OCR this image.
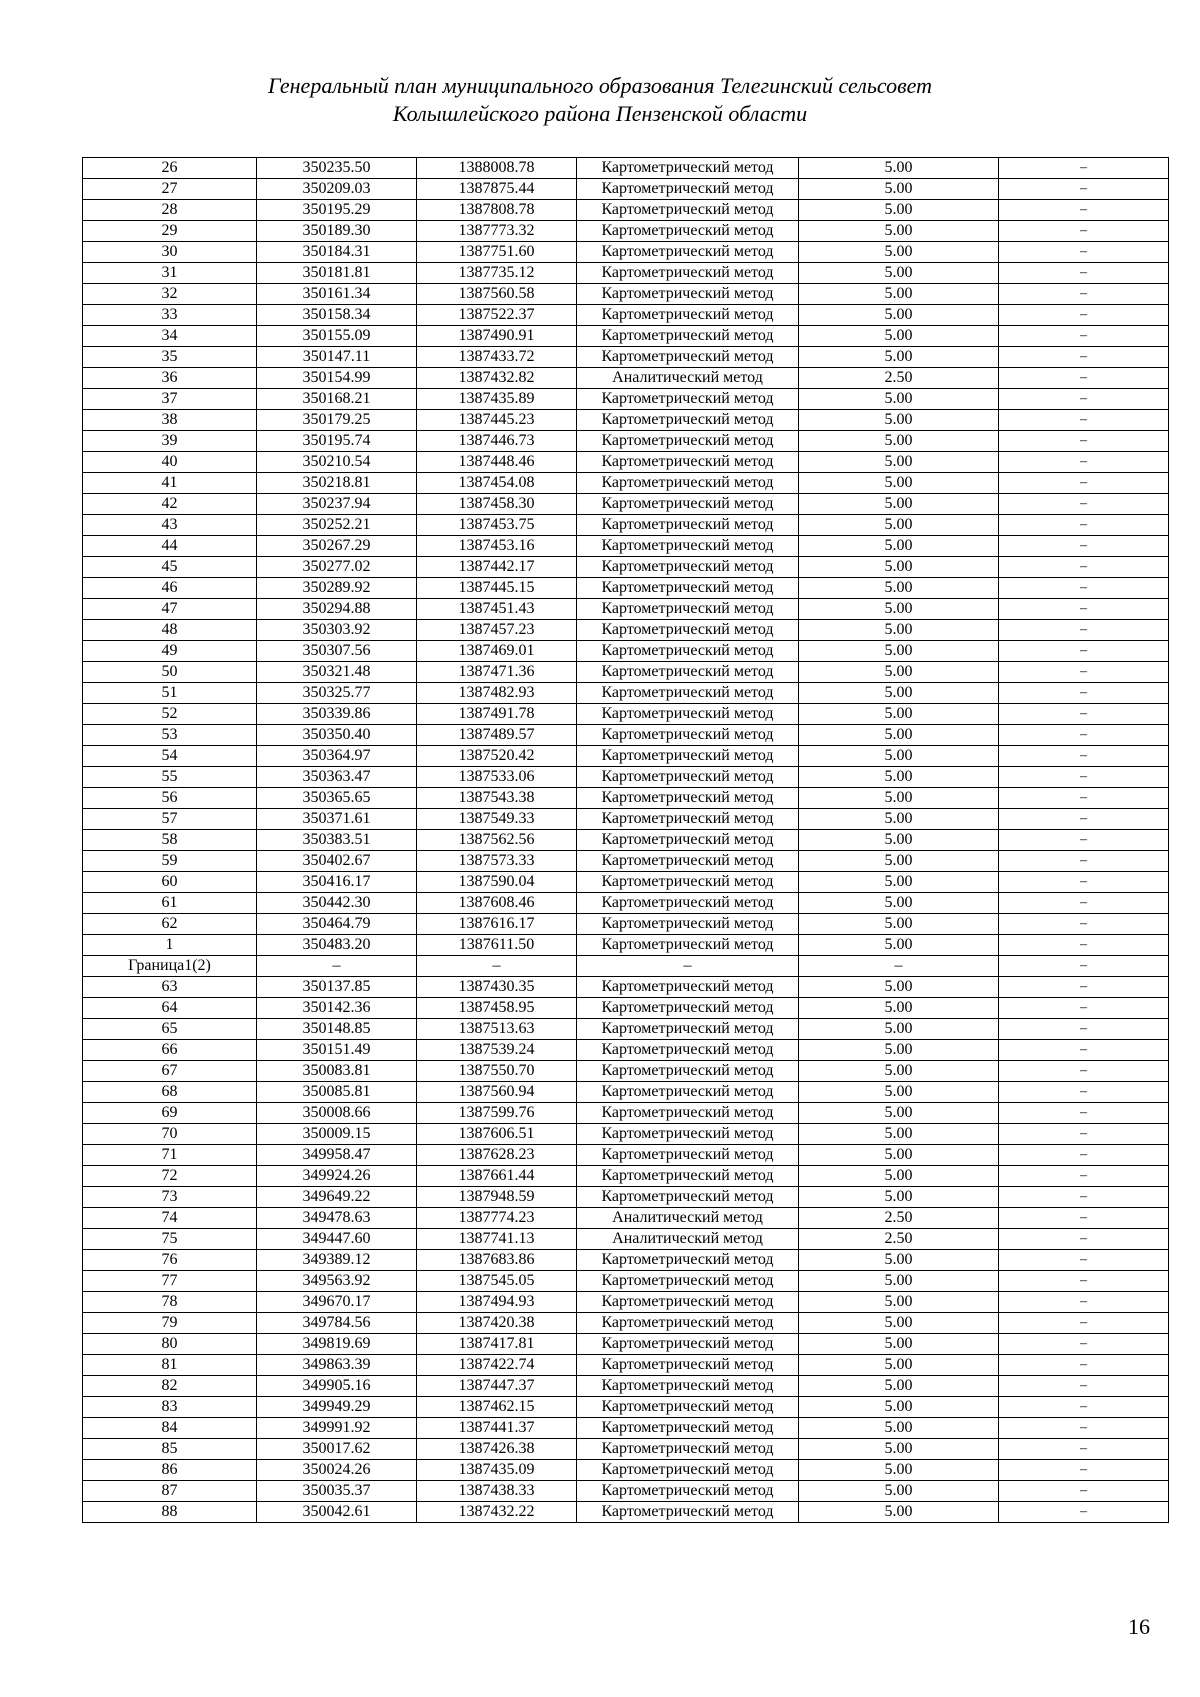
Генеральный план муниципального образования Телегинский сельсовет
Колышлейского района Пензенской области
26	350235.50	1388008.78	Картометрический метод	5.00	–
27	350209.03	1387875.44	Картометрический метод	5.00	–
28	350195.29	1387808.78	Картометрический метод	5.00	–
29	350189.30	1387773.32	Картометрический метод	5.00	–
30	350184.31	1387751.60	Картометрический метод	5.00	–
31	350181.81	1387735.12	Картометрический метод	5.00	–
32	350161.34	1387560.58	Картометрический метод	5.00	–
33	350158.34	1387522.37	Картометрический метод	5.00	–
34	350155.09	1387490.91	Картометрический метод	5.00	–
35	350147.11	1387433.72	Картометрический метод	5.00	–
36	350154.99	1387432.82	Аналитический метод	2.50	–
37	350168.21	1387435.89	Картометрический метод	5.00	–
38	350179.25	1387445.23	Картометрический метод	5.00	–
39	350195.74	1387446.73	Картометрический метод	5.00	–
40	350210.54	1387448.46	Картометрический метод	5.00	–
41	350218.81	1387454.08	Картометрический метод	5.00	–
42	350237.94	1387458.30	Картометрический метод	5.00	–
43	350252.21	1387453.75	Картометрический метод	5.00	–
44	350267.29	1387453.16	Картометрический метод	5.00	–
45	350277.02	1387442.17	Картометрический метод	5.00	–
46	350289.92	1387445.15	Картометрический метод	5.00	–
47	350294.88	1387451.43	Картометрический метод	5.00	–
48	350303.92	1387457.23	Картометрический метод	5.00	–
49	350307.56	1387469.01	Картометрический метод	5.00	–
50	350321.48	1387471.36	Картометрический метод	5.00	–
51	350325.77	1387482.93	Картометрический метод	5.00	–
52	350339.86	1387491.78	Картометрический метод	5.00	–
53	350350.40	1387489.57	Картометрический метод	5.00	–
54	350364.97	1387520.42	Картометрический метод	5.00	–
55	350363.47	1387533.06	Картометрический метод	5.00	–
56	350365.65	1387543.38	Картометрический метод	5.00	–
57	350371.61	1387549.33	Картометрический метод	5.00	–
58	350383.51	1387562.56	Картометрический метод	5.00	–
59	350402.67	1387573.33	Картометрический метод	5.00	–
60	350416.17	1387590.04	Картометрический метод	5.00	–
61	350442.30	1387608.46	Картометрический метод	5.00	–
62	350464.79	1387616.17	Картометрический метод	5.00	–
1	350483.20	1387611.50	Картометрический метод	5.00	–
Граница1(2)	–	–	–	–	–
63	350137.85	1387430.35	Картометрический метод	5.00	–
64	350142.36	1387458.95	Картометрический метод	5.00	–
65	350148.85	1387513.63	Картометрический метод	5.00	–
66	350151.49	1387539.24	Картометрический метод	5.00	–
67	350083.81	1387550.70	Картометрический метод	5.00	–
68	350085.81	1387560.94	Картометрический метод	5.00	–
69	350008.66	1387599.76	Картометрический метод	5.00	–
70	350009.15	1387606.51	Картометрический метод	5.00	–
71	349958.47	1387628.23	Картометрический метод	5.00	–
72	349924.26	1387661.44	Картометрический метод	5.00	–
73	349649.22	1387948.59	Картометрический метод	5.00	–
74	349478.63	1387774.23	Аналитический метод	2.50	–
75	349447.60	1387741.13	Аналитический метод	2.50	–
76	349389.12	1387683.86	Картометрический метод	5.00	–
77	349563.92	1387545.05	Картометрический метод	5.00	–
78	349670.17	1387494.93	Картометрический метод	5.00	–
79	349784.56	1387420.38	Картометрический метод	5.00	–
80	349819.69	1387417.81	Картометрический метод	5.00	–
81	349863.39	1387422.74	Картометрический метод	5.00	–
82	349905.16	1387447.37	Картометрический метод	5.00	–
83	349949.29	1387462.15	Картометрический метод	5.00	–
84	349991.92	1387441.37	Картометрический метод	5.00	–
85	350017.62	1387426.38	Картометрический метод	5.00	–
86	350024.26	1387435.09	Картометрический метод	5.00	–
87	350035.37	1387438.33	Картометрический метод	5.00	–
88	350042.61	1387432.22	Картометрический метод	5.00	–
16
